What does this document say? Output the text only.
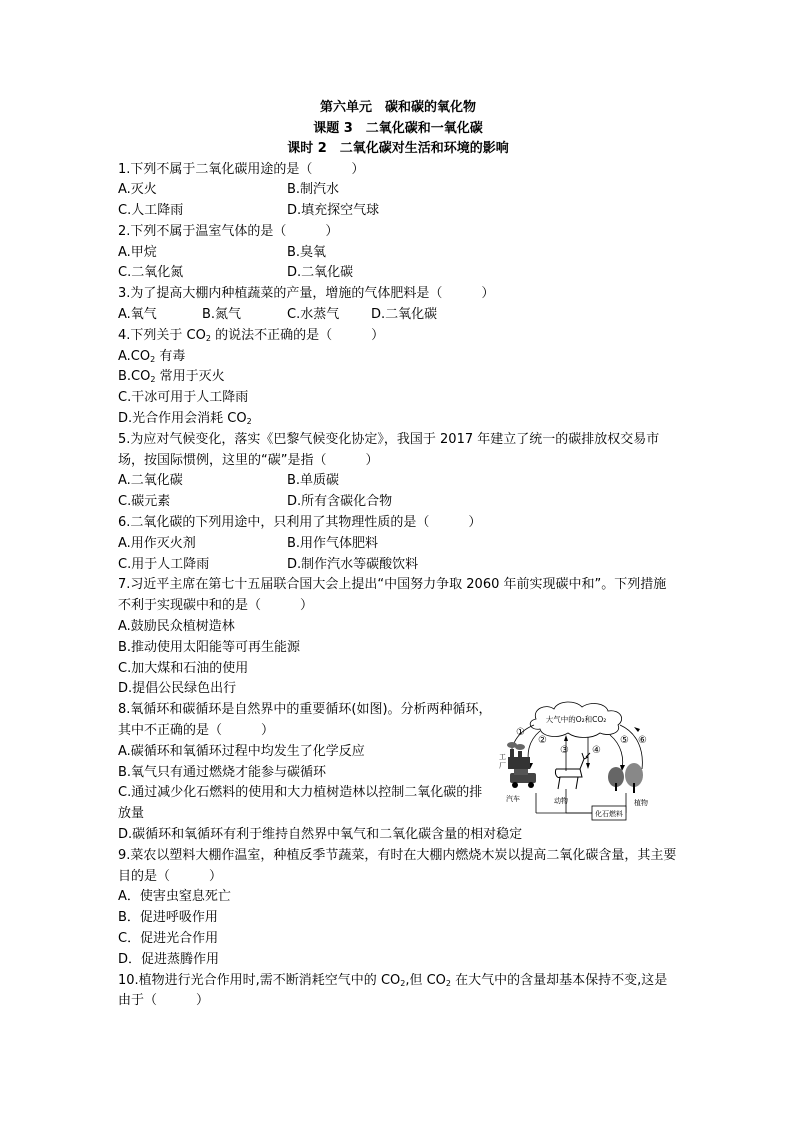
第六单元　碳和碳的氧化物
课题 3　二氧化碳和一氧化碳
课时 2　二氧化碳对生活和环境的影响
1.下列不属于二氧化碳用途的是（　　　）
A.灭火	B.制汽水
C.人工降雨	D.填充探空气球
2.下列不属于温室气体的是（　　　）
A.甲烷	B.臭氧
C.二氧化氮	D.二氧化碳
3.为了提高大棚内种植蔬菜的产量，增施的气体肥料是（　　　）
A.氧气	B.氮气	C.水蒸气	D.二氧化碳
4.下列关于 $CO_2$ 的说法不正确的是（　　　）
$A.CO_2$ 有毒
$B.CO_2$ 常用于灭火
C.干冰可用于人工降雨
D.光合作用会消耗 $CO_2$
5.为应对气候变化，落实《巴黎气候变化协定》，我国于 2017 年建立了统一的碳排放权交易市场，按国际惯例，这里的“碳”是指（　　　）
A.二氧化碳	B.单质碳
C.碳元素	D.所有含碳化合物
6.二氧化碳的下列用途中，只利用了其物理性质的是（　　　）
A.用作灭火剂	B.用作气体肥料
C.用于人工降雨	D.制作汽水等碳酸饮料
7.习近平主席在第七十五届联合国大会上提出“中国努力争取 2060 年前实现碳中和”。下列措施不利于实现碳中和的是（　　　）
A.鼓励民众植树造林
B.推动使用太阳能等可再生能源
C.加大煤和石油的使用
D.提倡公民绿色出行
8.氧循环和碳循环是自然界中的重要循环(如图)。分析两种循环，其中不正确的是（　　　）
A.碳循环和氧循环过程中均发生了化学反应
B.氧气只有通过燃烧才能参与碳循环
C.通过减少化石燃料的使用和大力植树造林以控制二氧化碳的排放量
D.碳循环和氧循环有利于维持自然界中氧气和二氧化碳含量的相对稳定
大气中的O₂和CO₂
①
②
③ ④
⑤ ⑥
工
厂
汽车	动物	植物
化石燃料
9.菜农以塑料大棚作温室，种植反季节蔬菜，有时在大棚内燃烧木炭以提高二氧化碳含量，其主要目的是（　　　）
A．使害虫窒息死亡
B．促进呼吸作用
C．促进光合作用
D．促进蒸腾作用
10.植物进行光合作用时,需不断消耗空气中的 $CO_2$,但 $CO_2$ 在大气中的含量却基本保持不变,这是由于（　　　）
